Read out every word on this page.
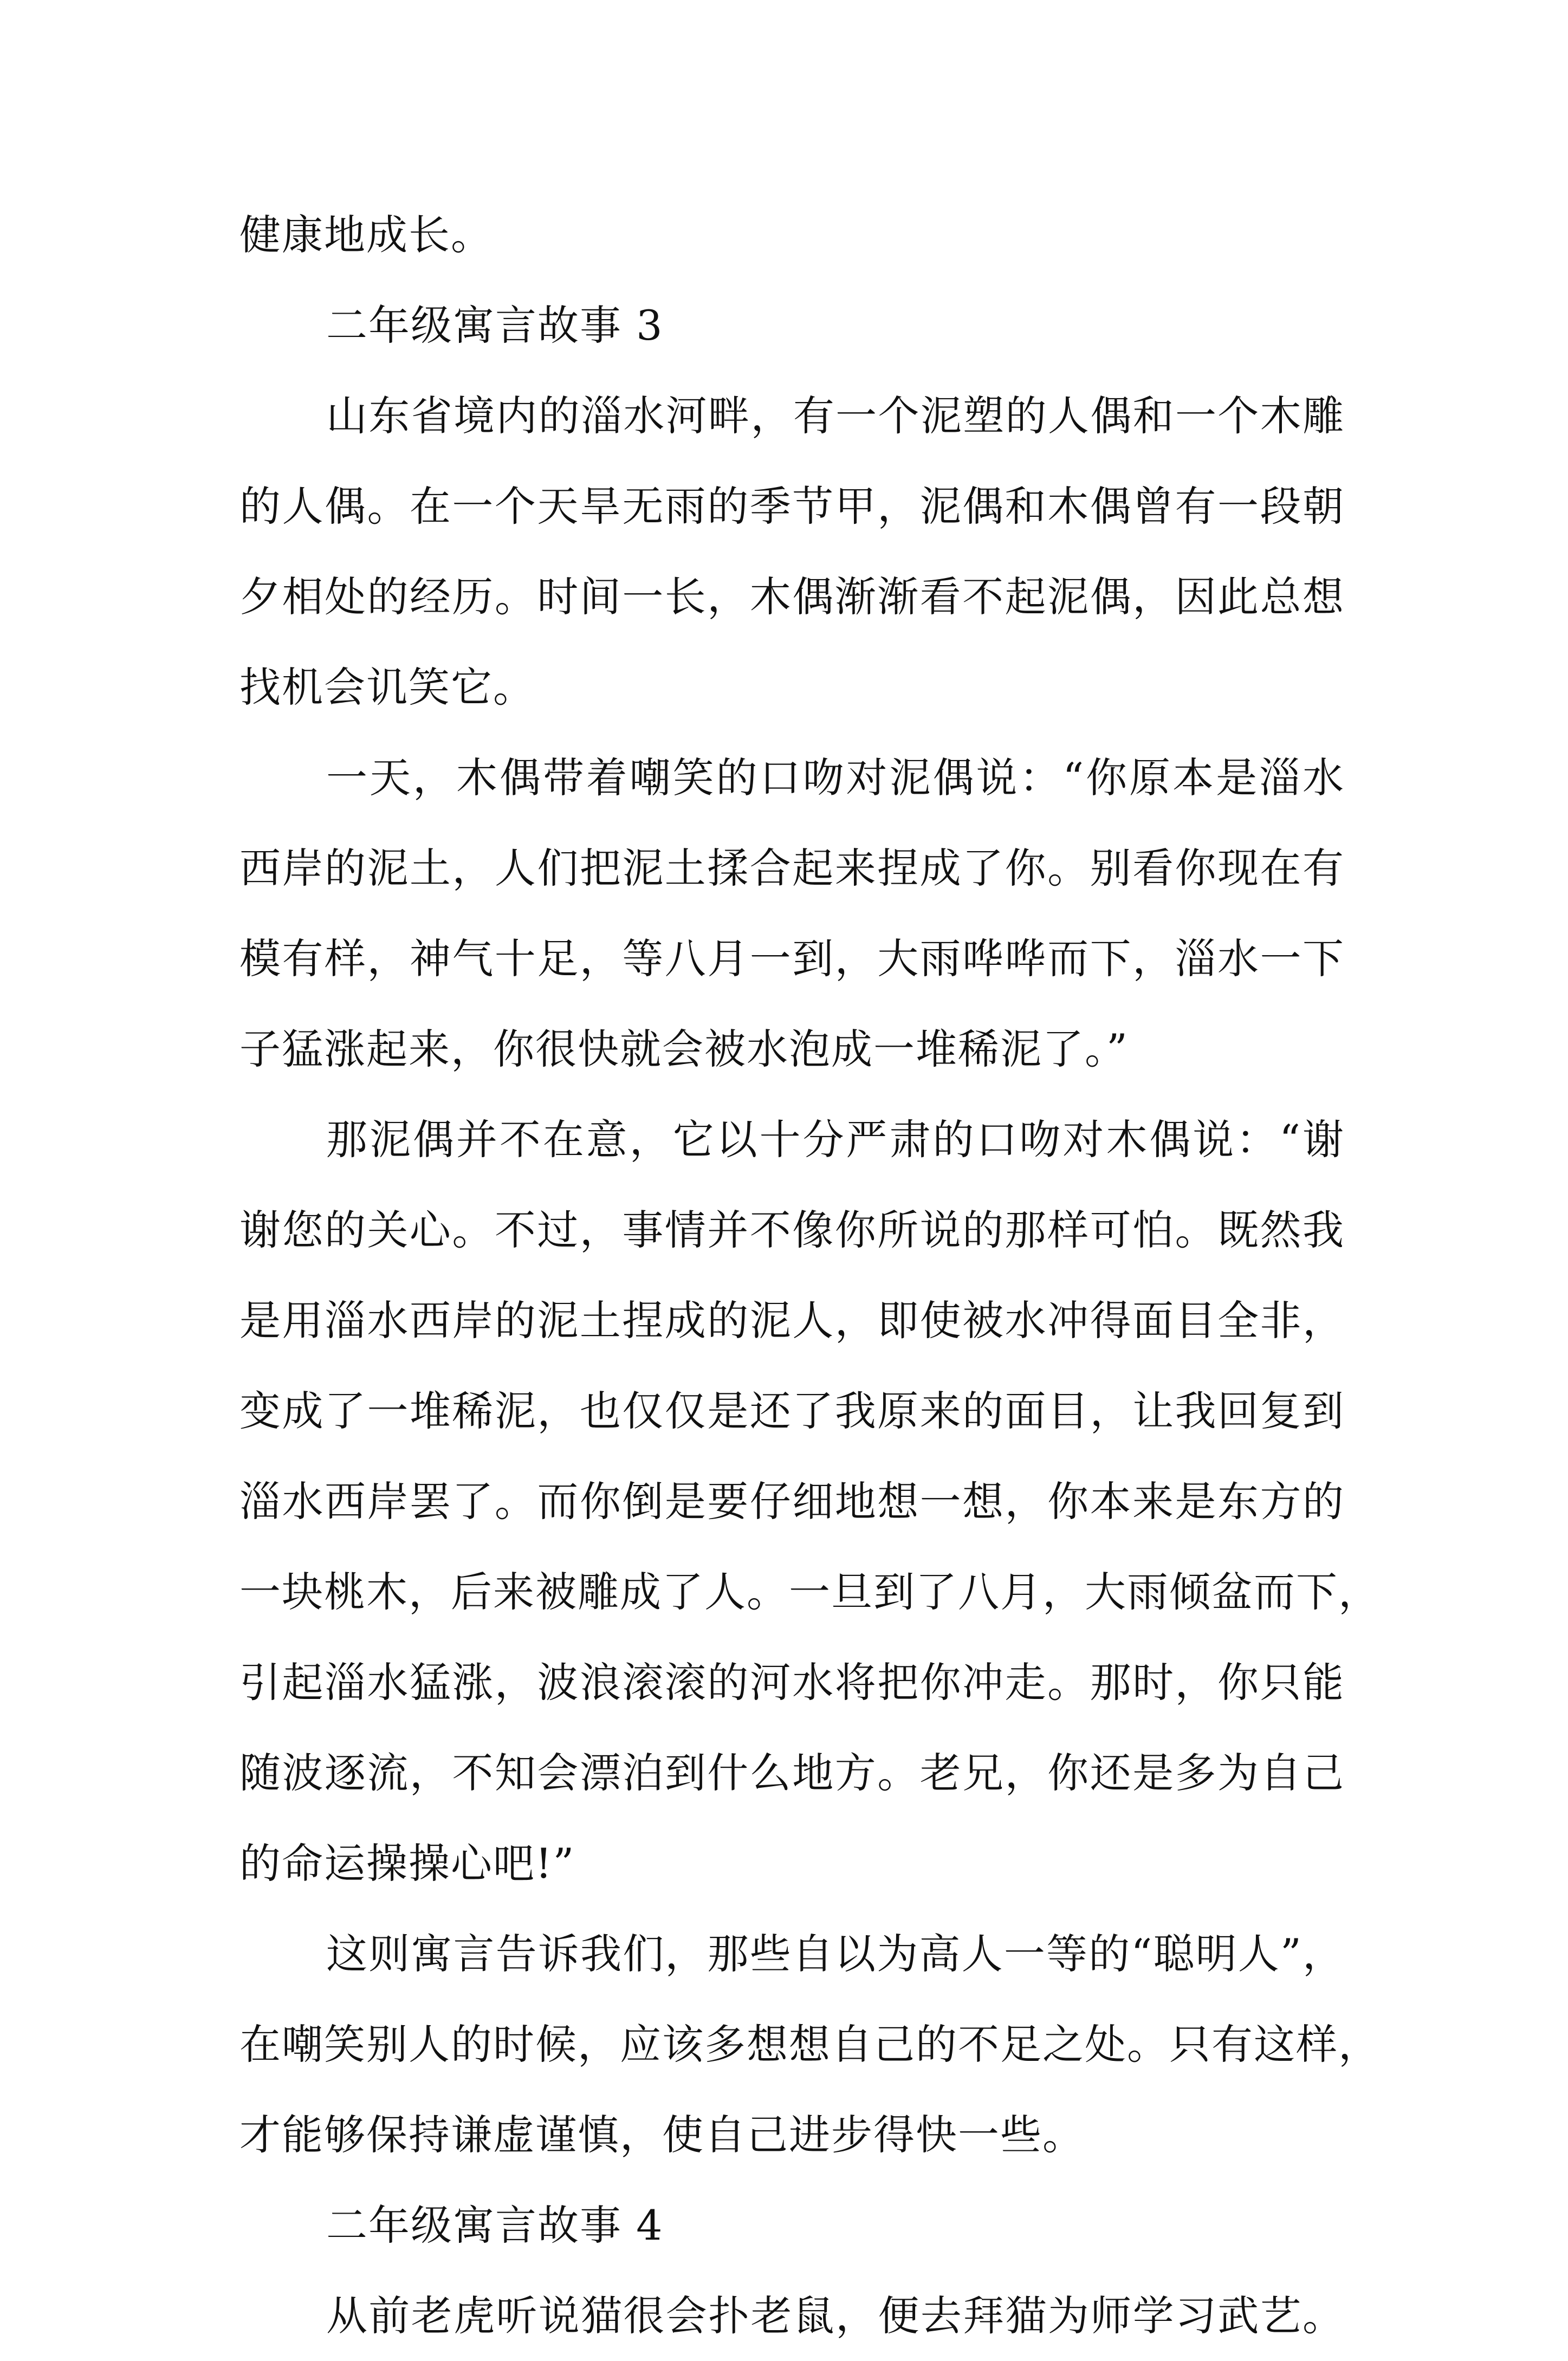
健康地成长。
二年级寓言故事 3
山东省境内的淄水河畔，有一个泥塑的人偶和一个木雕
的人偶。在一个天旱无雨的季节甲，泥偶和木偶曾有一段朝
夕相处的经历。时间一长，木偶渐渐看不起泥偶，因此总想
找机会讥笑它。
一天，木偶带着嘲笑的口吻对泥偶说：“你原本是淄水
西岸的泥土，人们把泥土揉合起来捏成了你。别看你现在有
模有样，神气十足，等八月一到，大雨哗哗而下，淄水一下
子猛涨起来，你很快就会被水泡成一堆稀泥了。”
那泥偶并不在意，它以十分严肃的口吻对木偶说：“谢
谢您的关心。不过，事情并不像你所说的那样可怕。既然我
是用淄水西岸的泥土捏成的泥人，即使被水冲得面目全非，
变成了一堆稀泥，也仅仅是还了我原来的面目，让我回复到
淄水西岸罢了。而你倒是要仔细地想一想，你本来是东方的
一块桃木，后来被雕成了人。一旦到了八月，大雨倾盆而下，
引起淄水猛涨，波浪滚滚的河水将把你冲走。那时，你只能
随波逐流，不知会漂泊到什么地方。老兄，你还是多为自己
的命运操操心吧!”
这则寓言告诉我们，那些自以为高人一等的“聪明人”，
在嘲笑别人的时候，应该多想想自己的不足之处。只有这样，
才能够保持谦虚谨慎，使自己进步得快一些。
二年级寓言故事 4
从前老虎听说猫很会扑老鼠，便去拜猫为师学习武艺。
